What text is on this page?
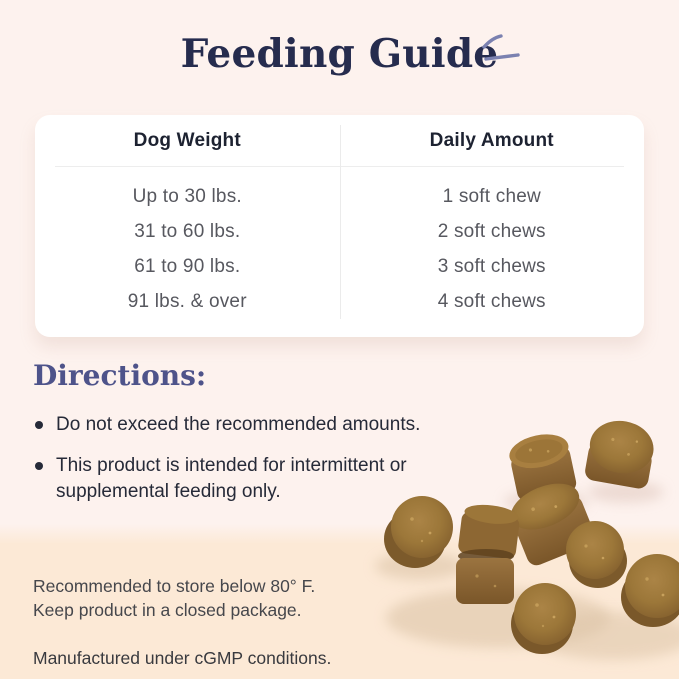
Feeding Guide
Dog Weight	Daily Amount
Up to 30 lbs.	1 soft chew
31 to 60 lbs.	2 soft chews
61 to 90 lbs.	3 soft chews
91 lbs. & over	4 soft chews
Directions:
Do not exceed the recommended amounts.
This product is intended for intermittent or supplemental feeding only.

Recommended to store below 80° F.
Keep product in a closed package.

Manufactured under cGMP conditions.
